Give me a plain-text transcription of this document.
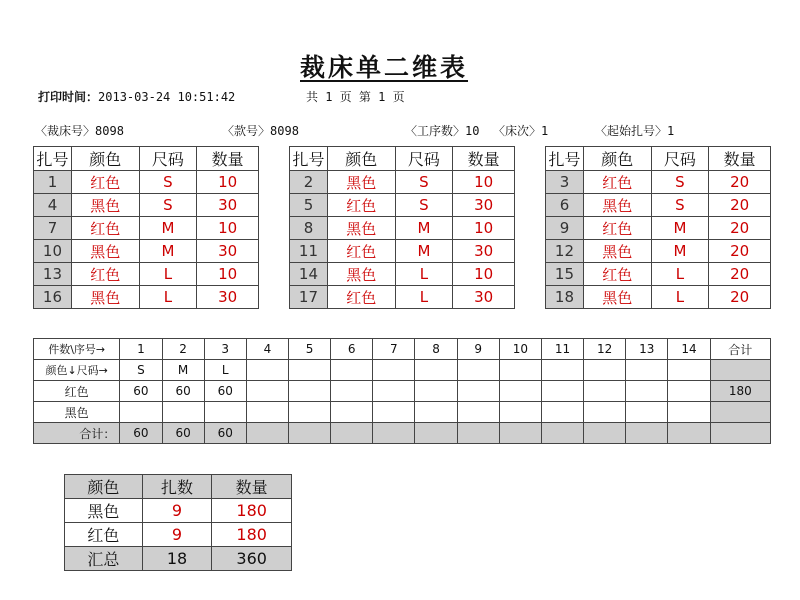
裁床单二维表
打印时间：2013-03-24 10:51:42	共 1 页 第 1 页
〈裁床号〉8098	〈款号〉8098	〈工序数〉10 〈床次〉1	〈起始扎号〉1
扎号	颜色	尺码	数量
1	红色	S	10
4	黑色	S	30
7	红色	M	10
10	黑色	M	30
13	红色	L	10
16	黑色	L	30
扎号	颜色	尺码	数量
2	黑色	S	10
5	红色	S	30
8	黑色	M	10
11	红色	M	30
14	黑色	L	10
17	红色	L	30
扎号	颜色	尺码	数量
3	红色	S	20
6	黑色	S	20
9	红色	M	20
12	黑色	M	20
15	红色	L	20
18	黑色	L	20
件数\序号→	1	2	3	4	5	6	7	8	9	10	11	12	13	14	合计
颜色↓尺码→	S	M	L												
红色	60	60	60												180
黑色															
合计：	60	60	60												
颜色	扎数	数量
黑色	9	180
红色	9	180
汇总	18	360
